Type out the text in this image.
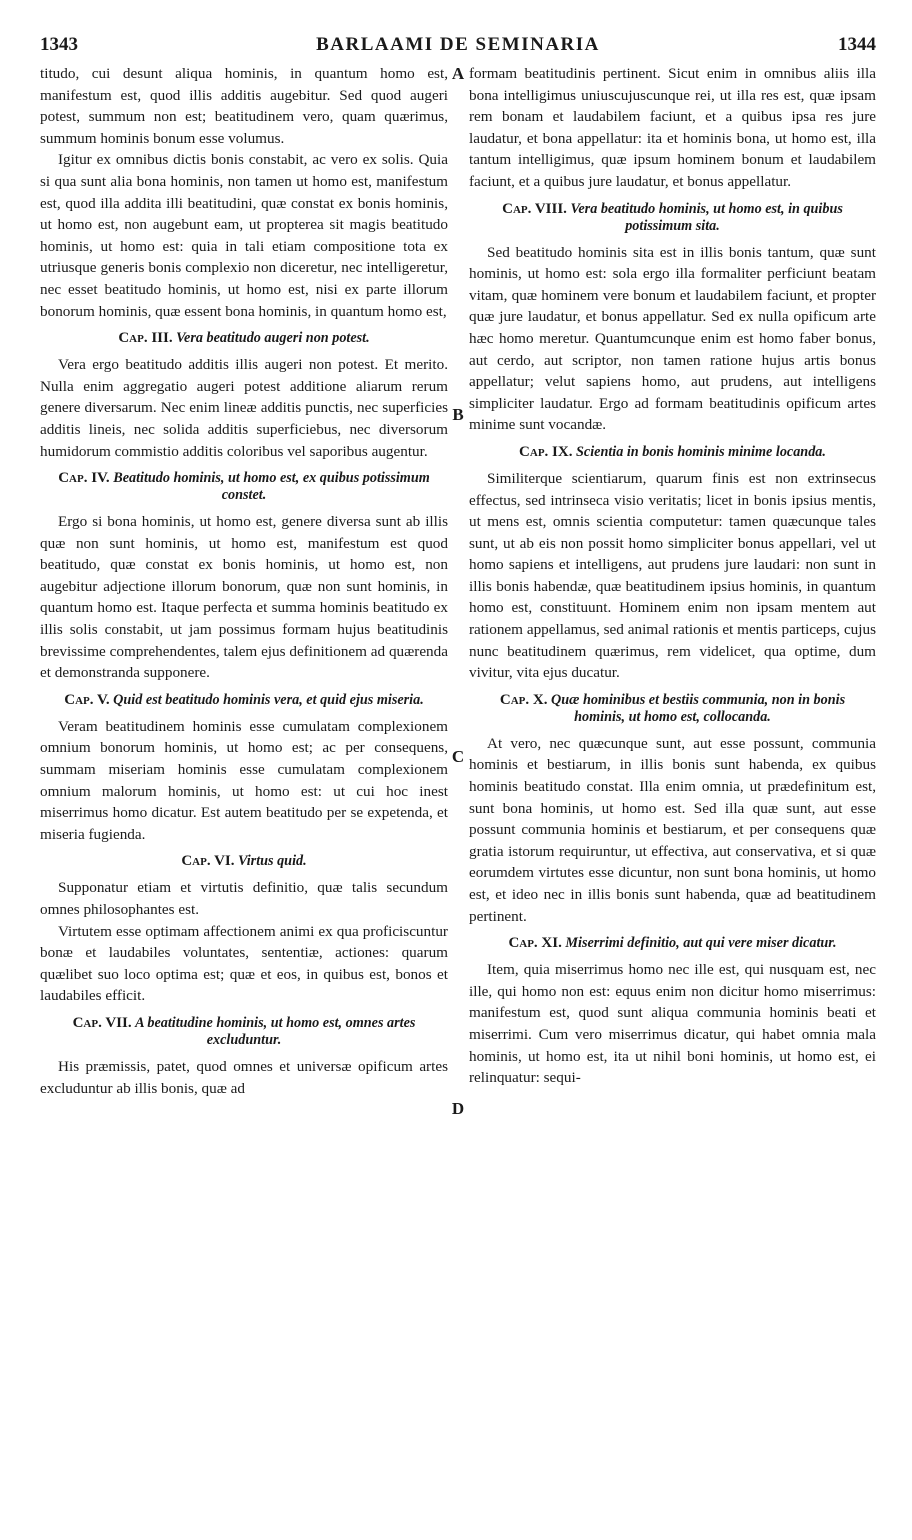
1343	BARLAAMI DE SEMINARIA	1344
A
B
C
D

titudo, cui desunt aliqua hominis, in quantum homo est, manifestum est, quod illis additis augebitur. Sed quod augeri potest, summum non est; beatitudinem vero, quam quærimus, summum hominis bonum esse volumus.

Igitur ex omnibus dictis bonis constabit, ac vero ex solis. Quia si qua sunt alia bona hominis, non tamen ut homo est, manifestum est, quod illa addita illi beatitudini, quæ constat ex bonis hominis, ut homo est, non augebunt eam, ut propterea sit magis beatitudo hominis, ut homo est: quia in tali etiam compositione tota ex utriusque generis bonis complexio non diceretur, nec intelligeretur, nec esset beatitudo hominis, ut homo est, nisi ex parte illorum bonorum hominis, quæ essent bona hominis, in quantum homo est,

Cap. III. Vera beatitudo augeri non potest.

Vera ergo beatitudo additis illis augeri non potest. Et merito. Nulla enim aggregatio augeri potest additione aliarum rerum genere diversarum. Nec enim lineæ additis punctis, nec superficies additis lineis, nec solida additis superficiebus, nec diversorum humidorum commistio additis coloribus vel saporibus augentur.

Cap. IV. Beatitudo hominis, ut homo est, ex quibus potissimum constet.

Ergo si bona hominis, ut homo est, genere diversa sunt ab illis quæ non sunt hominis, ut homo est, manifestum est quod beatitudo, quæ constat ex bonis hominis, ut homo est, non augebitur adjectione illorum bonorum, quæ non sunt hominis, in quantum homo est. Itaque perfecta et summa hominis beatitudo ex illis solis constabit, ut jam possimus formam hujus beatitudinis brevissime comprehendentes, talem ejus definitionem ad quærenda et demonstranda supponere.

Cap. V. Quid est beatitudo hominis vera, et quid ejus miseria.

Veram beatitudinem hominis esse cumulatam complexionem omnium bonorum hominis, ut homo est; ac per consequens, summam miseriam hominis esse cumulatam complexionem omnium malorum hominis, ut homo est: ut cui hoc inest miserrimus homo dicatur. Est autem beatitudo per se expetenda, et miseria fugienda.

Cap. VI. Virtus quid.

Supponatur etiam et virtutis definitio, quæ talis secundum omnes philosophantes est.

Virtutem esse optimam affectionem animi ex qua proficiscuntur bonæ et laudabiles voluntates, sententiæ, actiones: quarum quælibet suo loco optima est; quæ et eos, in quibus est, bonos et laudabiles efficit.

Cap. VII. A beatitudine hominis, ut homo est, omnes artes excluduntur.

His præmissis, patet, quod omnes et universæ opificum artes excluduntur ab illis bonis, quæ ad

formam beatitudinis pertinent. Sicut enim in omnibus aliis illa bona intelligimus uniuscujuscunque rei, ut illa res est, quæ ipsam rem bonam et laudabilem faciunt, et a quibus ipsa res jure laudatur, et bona appellatur: ita et hominis bona, ut homo est, illa tantum intelligimus, quæ ipsum hominem bonum et laudabilem faciunt, et a quibus jure laudatur, et bonus appellatur.

Cap. VIII. Vera beatitudo hominis, ut homo est, in quibus potissimum sita.

Sed beatitudo hominis sita est in illis bonis tantum, quæ sunt hominis, ut homo est: sola ergo illa formaliter perficiunt beatam vitam, quæ hominem vere bonum et laudabilem faciunt, et propter quæ jure laudatur, et bonus appellatur. Sed ex nulla opificum arte hæc homo meretur. Quantumcunque enim est homo faber bonus, aut cerdo, aut scriptor, non tamen ratione hujus artis bonus appellatur; velut sapiens homo, aut prudens, aut intelligens simpliciter laudatur. Ergo ad formam beatitudinis opificum artes minime sunt vocandæ.

Cap. IX. Scientia in bonis hominis minime locanda.

Similiterque scientiarum, quarum finis est non extrinsecus effectus, sed intrinseca visio veritatis; licet in bonis ipsius mentis, ut mens est, omnis scientia computetur: tamen quæcunque tales sunt, ut ab eis non possit homo simpliciter bonus appellari, vel ut homo sapiens et intelligens, aut prudens jure laudari: non sunt in illis bonis habendæ, quæ beatitudinem ipsius hominis, in quantum homo est, constituunt. Hominem enim non ipsam mentem aut rationem appellamus, sed animal rationis et mentis particeps, cujus nunc beatitudinem quærimus, rem videlicet, qua optime, dum vivitur, vita ejus ducatur.

Cap. X. Quæ hominibus et bestiis communia, non in bonis hominis, ut homo est, collocanda.

At vero, nec quæcunque sunt, aut esse possunt, communia hominis et bestiarum, in illis bonis sunt habenda, ex quibus hominis beatitudo constat. Illa enim omnia, ut prædefinitum est, sunt bona hominis, ut homo est. Sed illa quæ sunt, aut esse possunt communia hominis et bestiarum, et per consequens quæ gratia istorum requiruntur, ut effectiva, aut conservativa, et si quæ eorumdem virtutes esse dicuntur, non sunt bona hominis, ut homo est, et ideo nec in illis bonis sunt habenda, quæ ad beatitudinem pertinent.

Cap. XI. Miserrimi definitio, aut qui vere miser dicatur.

Item, quia miserrimus homo nec ille est, qui nusquam est, nec ille, qui homo non est: equus enim non dicitur homo miserrimus: manifestum est, quod sunt aliqua communia hominis beati et miserrimi. Cum vero miserrimus dicatur, qui habet omnia mala hominis, ut homo est, ita ut nihil boni hominis, ut homo est, ei relinquatur: sequi-
